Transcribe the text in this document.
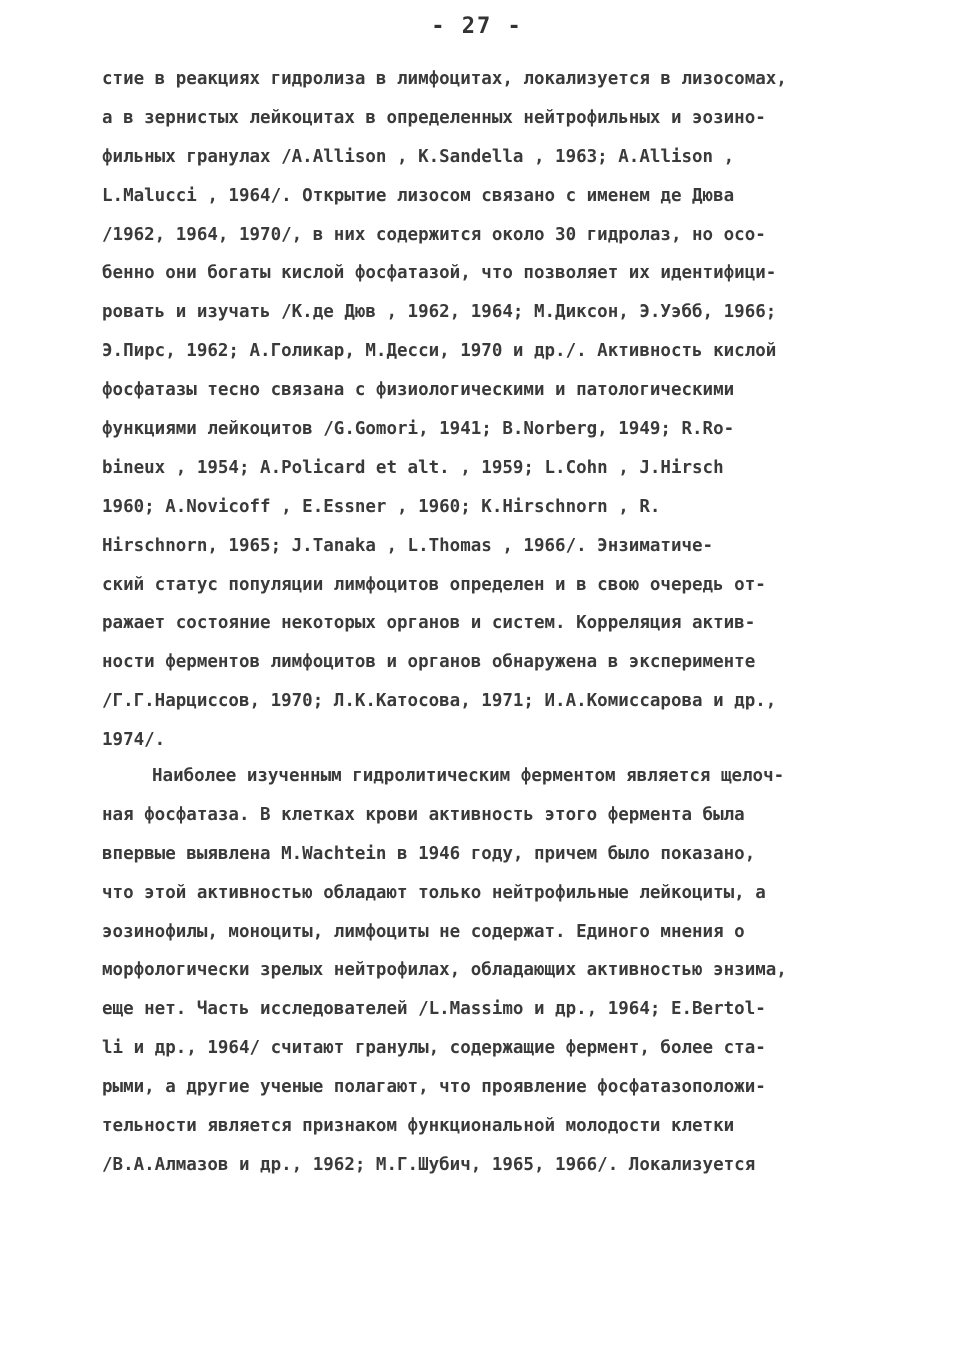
- 27 -
стие в реакциях гидролиза в лимфоцитах, локализуется в лизосомах,
а в зернистых лейкоцитах в определенных нейтрофильных и эозино-
фильных гранулах /A.Allison , K.Sandella , 1963; A.Allison ,
L.Malucci , 1964/. Открытие лизосом связано с именем де Дюва
/1962, 1964, 1970/, в них содержится около 30 гидролаз, но осо-
бенно они богаты кислой фосфатазой, что позволяет их идентифици-
ровать и изучать /К.де Дюв , 1962, 1964; М.Диксон, Э.Уэбб, 1966;
Э.Пирс, 1962; А.Голикар, М.Десси, 1970 и др./. Активность кислой
фосфатазы тесно связана с физиологическими и патологическими
функциями лейкоцитов /G.Gomori, 1941; B.Norberg, 1949; R.Ro-
bineux , 1954; A.Policard et alt. , 1959; L.Cohn , J.Hirsch
1960; A.Novicoff , E.Essner , 1960; K.Hirschnorn , R.
Hirschnorn, 1965; J.Tanaka , L.Thomas , 1966/. Энзиматиче-
ский статус популяции лимфоцитов определен и в свою очередь от-
ражает состояние некоторых органов и систем. Корреляция актив-
ности ферментов лимфоцитов и органов обнаружена в эксперименте
/Г.Г.Нарциссов, 1970; Л.К.Катосова, 1971; И.А.Комиссарова и др.,
1974/.
Наиболее изученным гидролитическим ферментом является щелоч-
ная фосфатаза. В клетках крови активность этого фермента была
впервые выявлена M.Wachtein в 1946 году, причем было показано,
что этой активностью обладают только нейтрофильные лейкоциты, а
эозинофилы, моноциты, лимфоциты не содержат. Единого мнения о
морфологически зрелых нейтрофилах, обладающих активностью энзима,
еще нет. Часть исследователей /L.Massimo и др., 1964; E.Bertol-
li и др., 1964/ считают гранулы, содержащие фермент, более ста-
рыми, а другие ученые полагают, что проявление фосфатазоположи-
тельности является признаком функциональной молодости клетки
/В.А.Алмазов и др., 1962; М.Г.Шубич, 1965, 1966/. Локализуется
